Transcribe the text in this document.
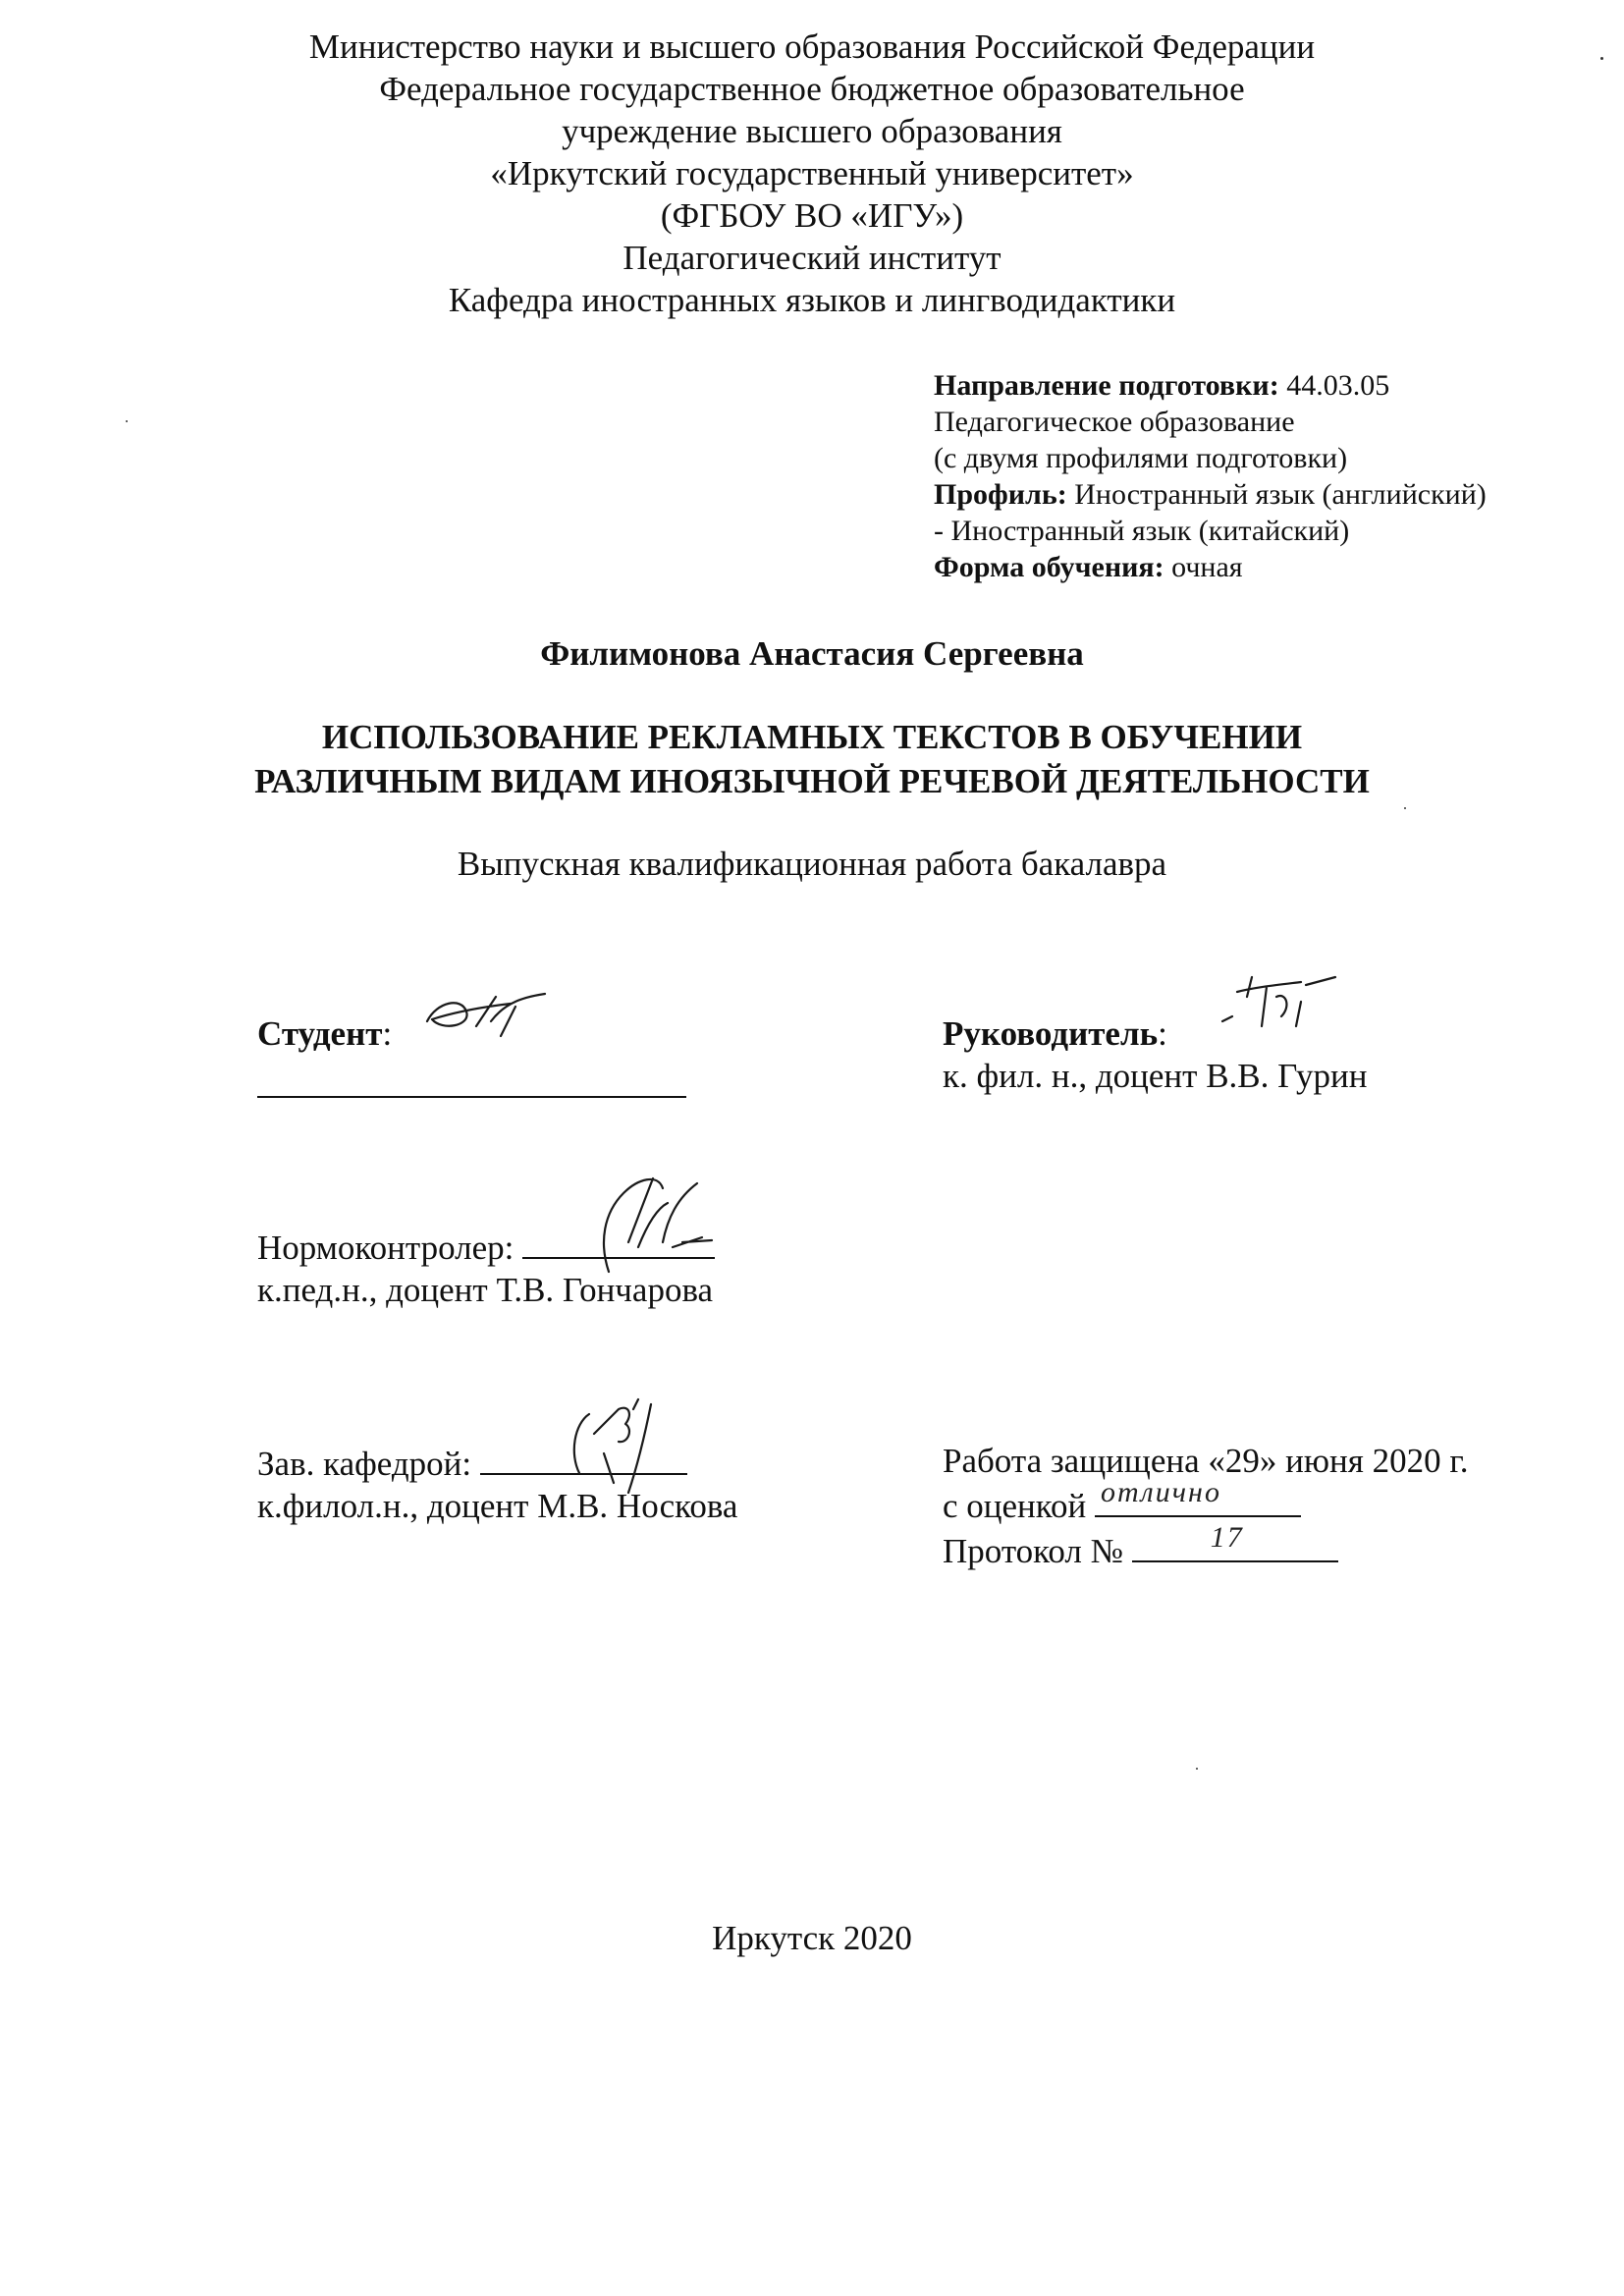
Министерство науки и высшего образования Российской Федерации
Федеральное государственное бюджетное образовательное
учреждение высшего образования
«Иркутский государственный университет»
(ФГБОУ ВО «ИГУ»)
Педагогический институт
Кафедра иностранных языков и лингводидактики
Направление подготовки: 44.03.05
Педагогическое образование
(с двумя профилями подготовки)
Профиль: Иностранный язык (английский)
- Иностранный язык (китайский)
Форма обучения: очная
Филимонова Анастасия Сергеевна
ИСПОЛЬЗОВАНИЕ РЕКЛАМНЫХ ТЕКСТОВ В ОБУЧЕНИИ
РАЗЛИЧНЫМ ВИДАМ ИНОЯЗЫЧНОЙ РЕЧЕВОЙ ДЕЯТЕЛЬНОСТИ
Выпускная квалификационная работа бакалавра
Студент:	Руководитель:
к. фил. н., доцент В.В. Гурин
Нормоконтролер:
к.пед.н., доцент Т.В. Гончарова
Зав. кафедрой:
к.филол.н., доцент М.В. Носкова
Работа защищена «29» июня 2020 г.
с оценкой отлично
Протокол №	17
Иркутск 2020
